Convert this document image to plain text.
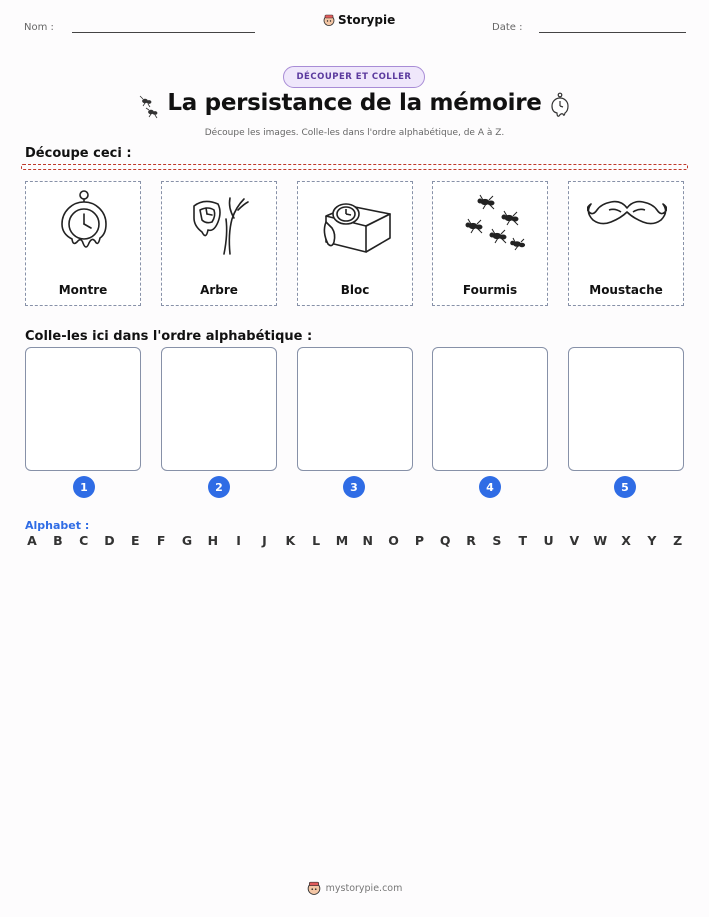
Nom :
Storypie
Date :
DÉCOUPER ET COLLER
La persistance de la mémoire
Découpe les images. Colle-les dans l'ordre alphabétique, de A à Z.
Découpe ceci :
Montre	Arbre	Bloc	Fourmis	Moustache
Colle-les ici dans l'ordre alphabétique :
1	2	3	4	5
Alphabet :
A B C D E F G H	I	J	K L M N O P Q R S T U V W X Y Z
mystorypie.com
